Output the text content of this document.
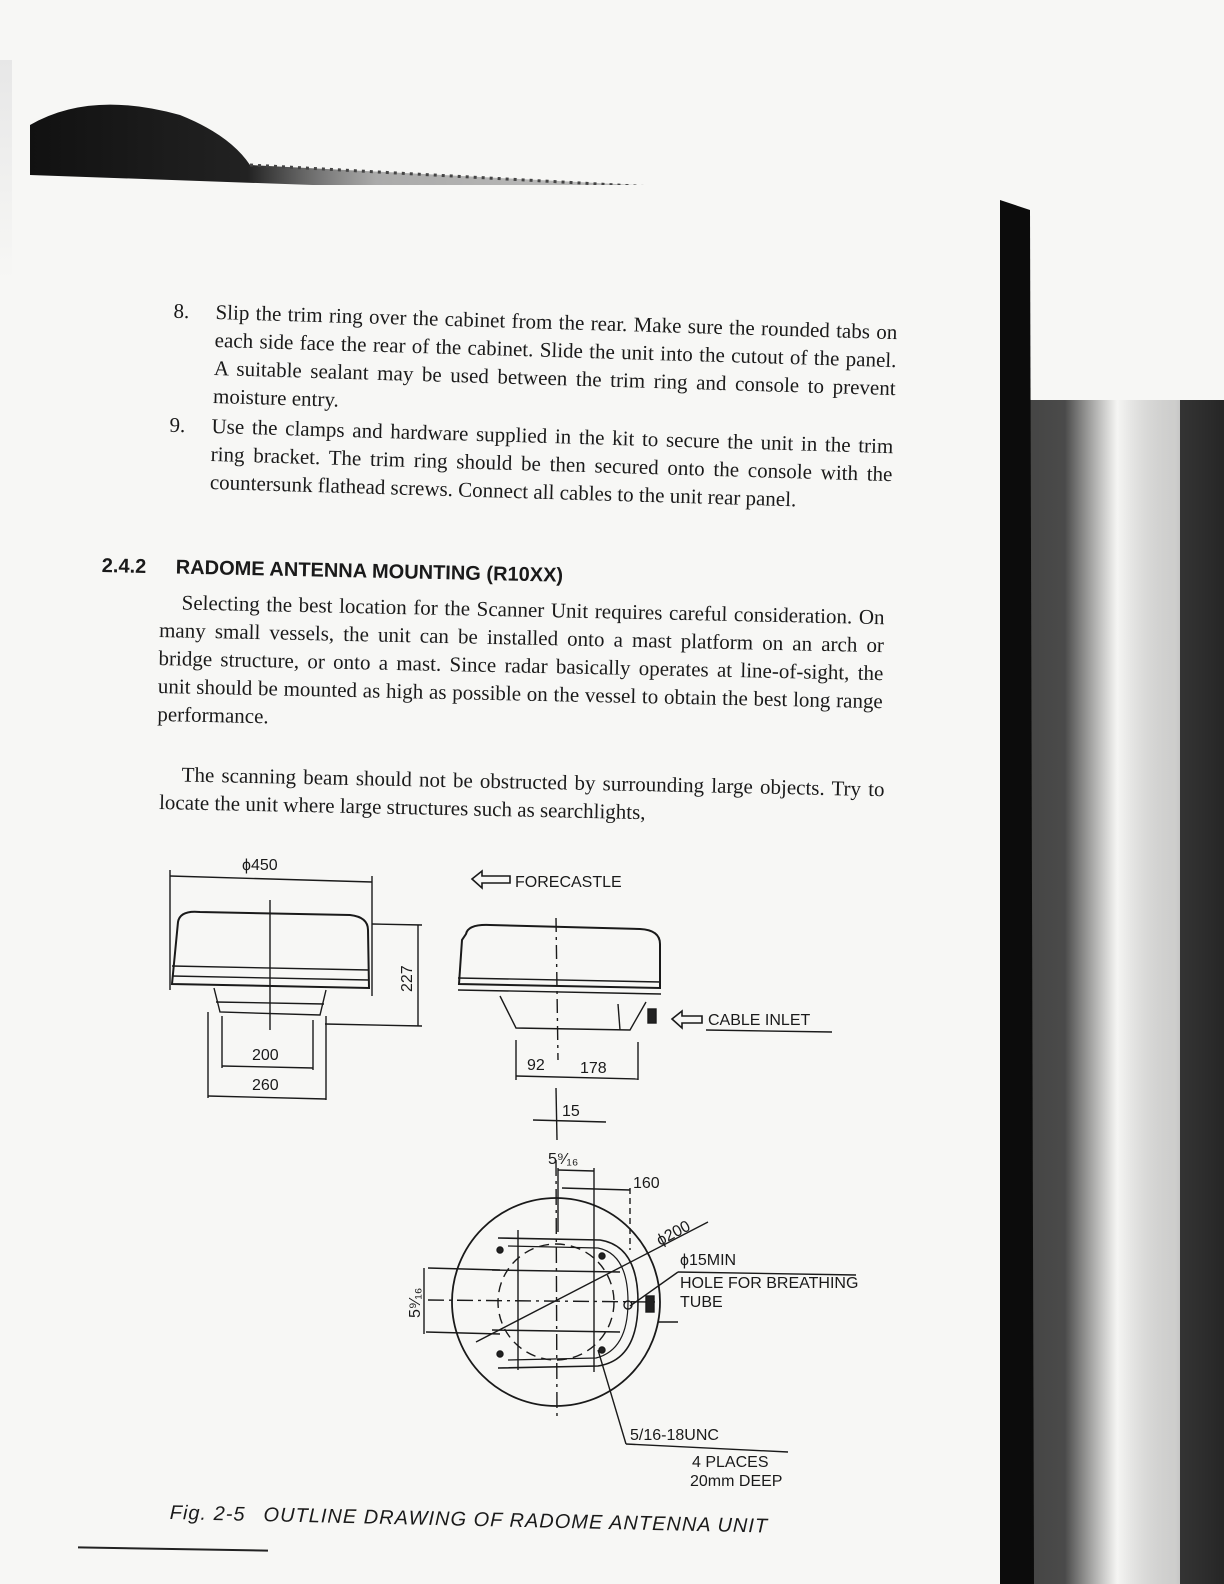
8. Slip the trim ring over the cabinet from the rear. Make sure the rounded tabs on each side face the rear of the cabinet. Slide the unit into the cutout of the panel. A suitable sealant may be used between the trim ring and console to prevent moisture entry.
9. Use the clamps and hardware supplied in the kit to secure the unit in the trim ring bracket. The trim ring should be then secured onto the console with the countersunk flathead screws. Connect all cables to the unit rear panel.
2.4.2 RADOME ANTENNA MOUNTING (R10XX)
Selecting the best location for the Scanner Unit requires careful consideration. On many small vessels, the unit can be installed onto a mast platform on an arch or bridge structure, or onto a mast. Since radar basically operates at line-of-sight, the unit should be mounted as high as possible on the vessel to obtain the best long range performance.
The scanning beam should not be obstructed by surrounding large objects. Try to locate the unit where large structures such as searchlights,
ϕ450
227
200
260
FORECASTLE
CABLE INLET
92 178
15
5⁹⁄₁₆
160
ϕ200
5⁹⁄₁₆
ϕ15MIN
HOLE FOR BREATHING
TUBE
5/16-18UNC
4 PLACES
20mm DEEP
Fig. 2-5 OUTLINE DRAWING OF RADOME ANTENNA UNIT
